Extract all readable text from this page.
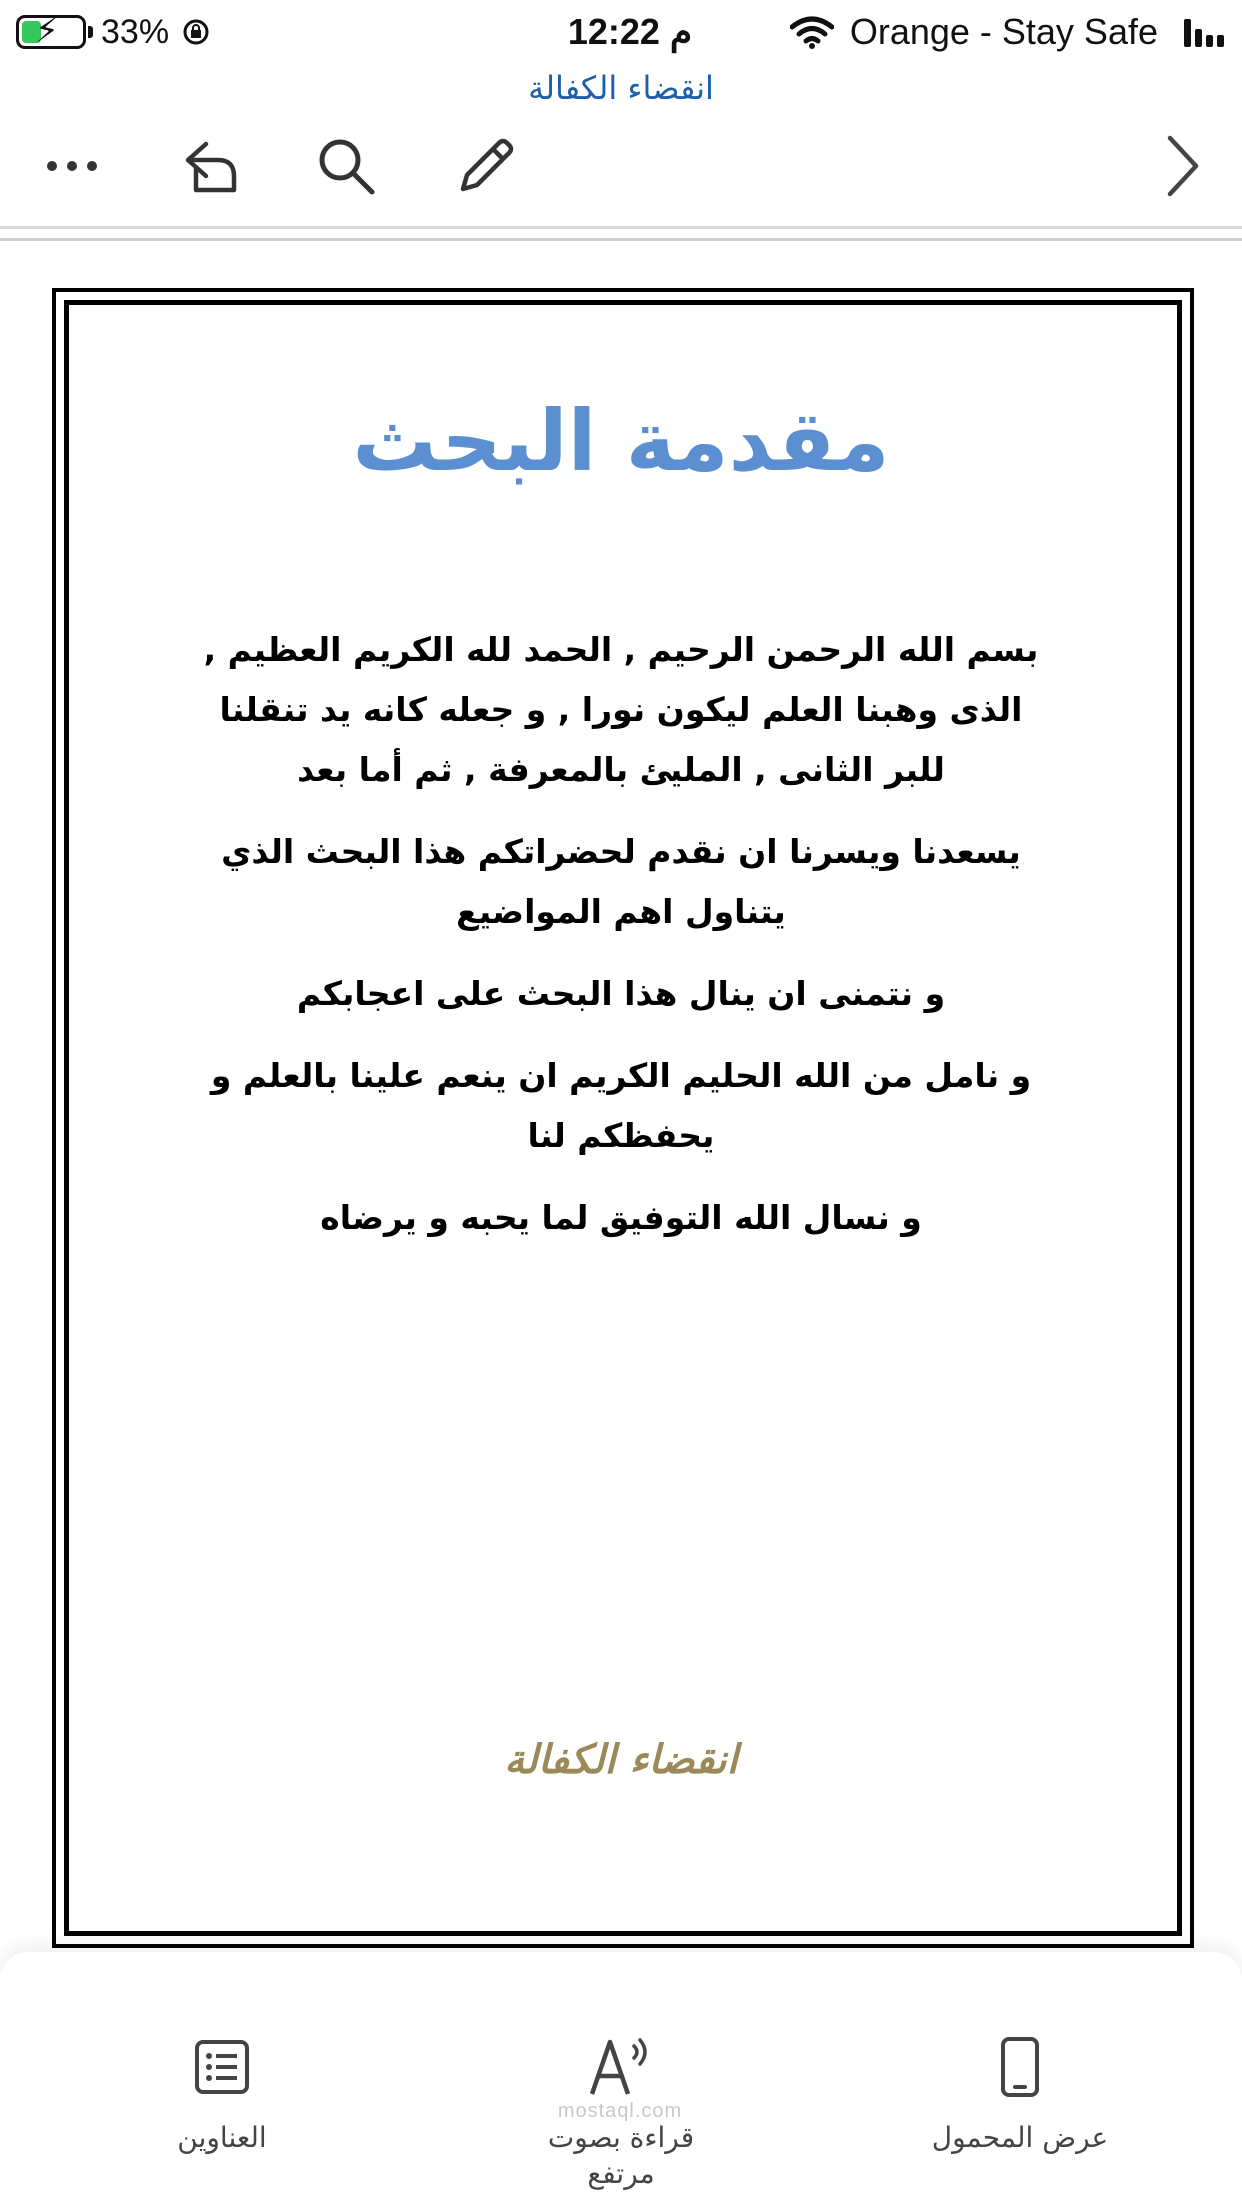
⚡ 33%	12:22 م	Orange - Stay Safe
انقضاء الكفالة
مقدمة البحث

بسم الله الرحمن الرحيم , الحمد لله الكريم العظيم , الذى وهبنا العلم ليكون نورا , و جعله كانه يد تنقلنا للبر الثانى , المليئ بالمعرفة , ثم أما بعد

يسعدنا ويسرنا ان نقدم لحضراتكم هذا البحث الذي يتناول اهم المواضيع

و نتمنى ان ينال هذا البحث على اعجابكم

و نامل من الله الحليم الكريم ان ينعم علينا بالعلم و يحفظكم لنا

و نسال الله التوفيق لما يحبه و يرضاه

انقضاء الكفالة
العناوين	قراءة بصوت مرتفع
عرض المحمول
mostaql.com
